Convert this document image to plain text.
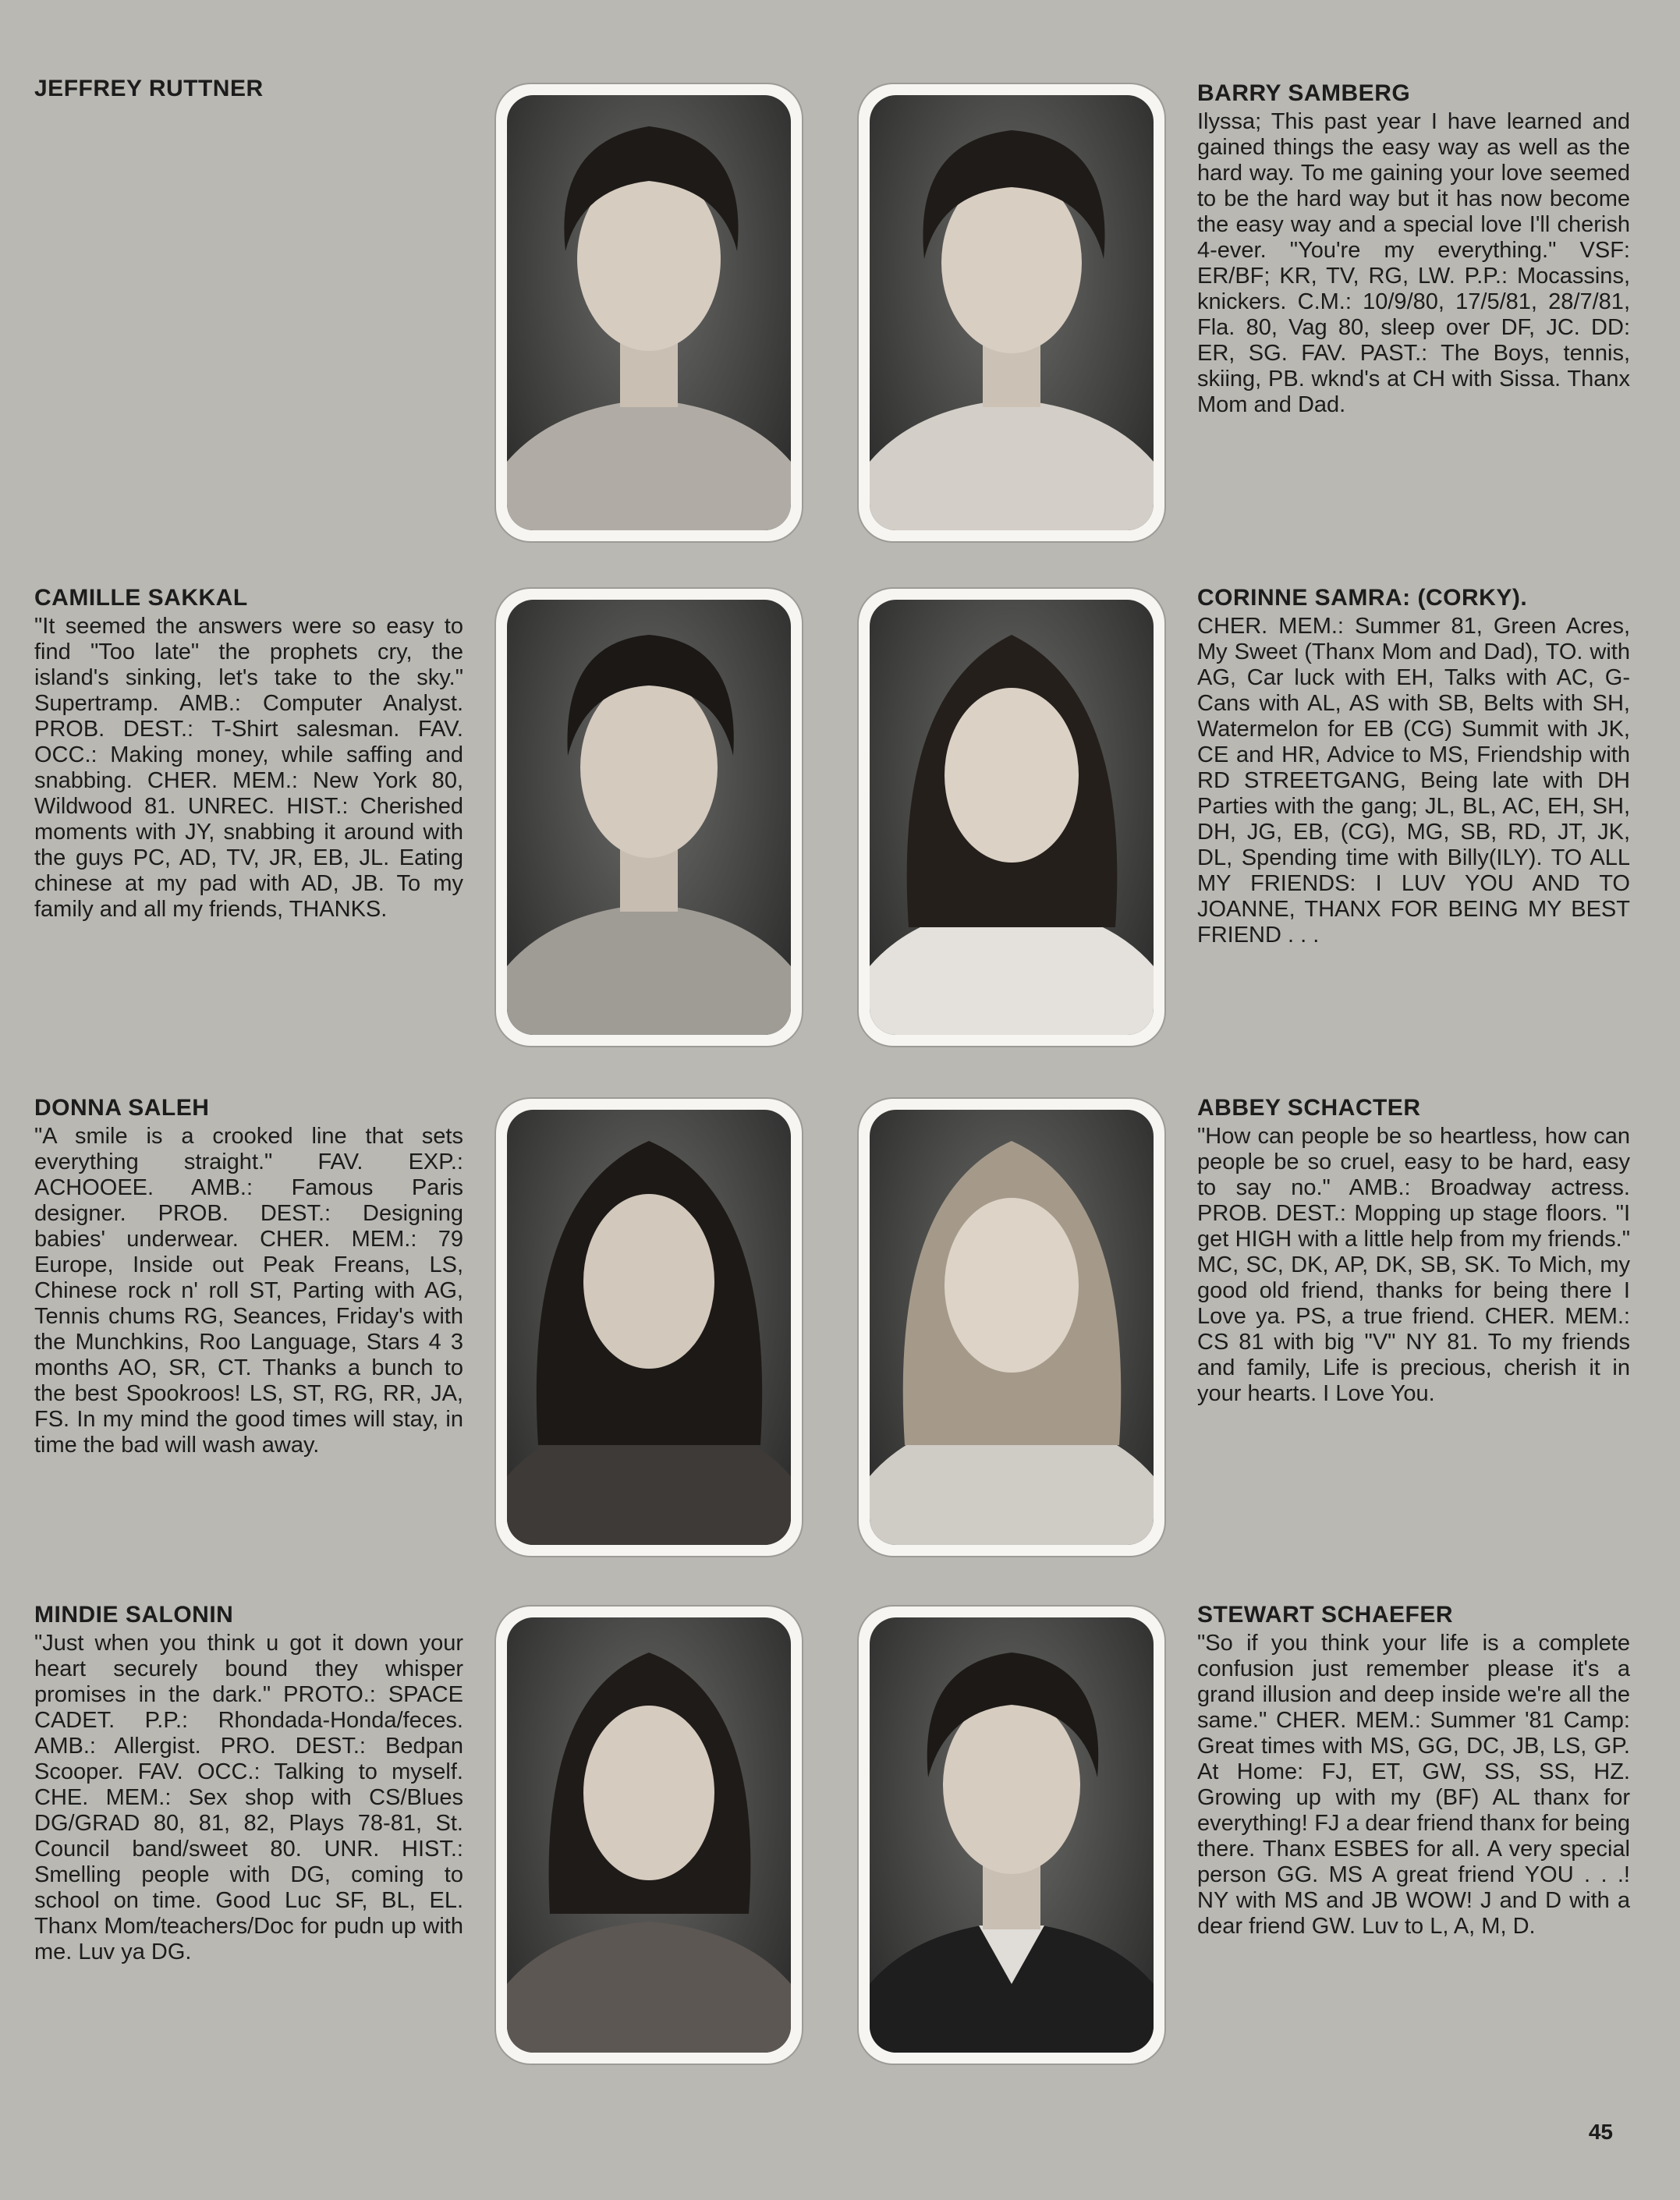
JEFFREY RUTTNER	BARRY SAMBERG

Ilyssa; This past year I have learned and gained things the easy way as well as the hard way. To me gaining your love seemed to be the hard way but it has now become the easy way and a special love I'll cherish 4-ever. "You're my everything." VSF: ER/BF; KR, TV, RG, LW. P.P.: Mocassins, knickers. C.M.: 10/9/80, 17/5/81, 28/7/81, Fla. 80, Vag 80, sleep over DF, JC. DD: ER, SG. FAV. PAST.: The Boys, tennis, skiing, PB. wknd's at CH with Sissa. Thanx Mom and Dad.

CAMILLE SAKKAL

"It seemed the answers were so easy to find "Too late" the prophets cry, the island's sinking, let's take to the sky." Supertramp. AMB.: Computer Analyst. PROB. DEST.: T-Shirt salesman. FAV. OCC.: Making money, while saffing and snabbing. CHER. MEM.: New York 80, Wildwood 81. UNREC. HIST.: Cherished moments with JY, snabbing it around with the guys PC, AD, TV, JR, EB, JL. Eating chinese at my pad with AD, JB. To my family and all my friends, THANKS.

CORINNE SAMRA: (CORKY).

CHER. MEM.: Summer 81, Green Acres, My Sweet (Thanx Mom and Dad), TO. with AG, Car luck with EH, Talks with AC, G-Cans with AL, AS with SB, Belts with SH, Watermelon for EB (CG) Summit with JK, CE and HR, Advice to MS, Friendship with RD STREETGANG, Being late with DH Parties with the gang; JL, BL, AC, EH, SH, DH, JG, EB, (CG), MG, SB, RD, JT, JK, DL, Spending time with Billy(ILY). TO ALL MY FRIENDS: I LUV YOU AND TO JOANNE, THANX FOR BEING MY BEST FRIEND . . .

DONNA SALEH

"A smile is a crooked line that sets everything straight." FAV. EXP.: ACHOOEE. AMB.: Famous Paris designer. PROB. DEST.: Designing babies' underwear. CHER. MEM.: 79 Europe, Inside out Peak Freans, LS, Chinese rock n' roll ST, Parting with AG, Tennis chums RG, Seances, Friday's with the Munchkins, Roo Language, Stars 4 3 months AO, SR, CT. Thanks a bunch to the best Spookroos! LS, ST, RG, RR, JA, FS. In my mind the good times will stay, in time the bad will wash away.

ABBEY SCHACTER

"How can people be so heartless, how can people be so cruel, easy to be hard, easy to say no." AMB.: Broadway actress. PROB. DEST.: Mopping up stage floors. "I get HIGH with a little help from my friends." MC, SC, DK, AP, DK, SB, SK. To Mich, my good old friend, thanks for being there I Love ya. PS, a true friend. CHER. MEM.: CS 81 with big "V" NY 81. To my friends and family, Life is precious, cherish it in your hearts. I Love You.

MINDIE SALONIN

"Just when you think u got it down your heart securely bound they whisper promises in the dark." PROTO.: SPACE CADET. P.P.: Rhondada-Honda/feces. AMB.: Allergist. PRO. DEST.: Bedpan Scooper. FAV. OCC.: Talking to myself. CHE. MEM.: Sex shop with CS/Blues DG/GRAD 80, 81, 82, Plays 78-81, St. Council band/sweet 80. UNR. HIST.: Smelling people with DG, coming to school on time. Good Luc SF, BL, EL. Thanx Mom/teachers/Doc for pudn up with me. Luv ya DG.

STEWART SCHAEFER

"So if you think your life is a complete confusion just remember please it's a grand illusion and deep inside we're all the same." CHER. MEM.: Summer '81 Camp: Great times with MS, GG, DC, JB, LS, GP. At Home: FJ, ET, GW, SS, SS, HZ. Growing up with my (BF) AL thanx for everything! FJ a dear friend thanx for being there. Thanx ESBES for all. A very special person GG. MS A great friend YOU . . .! NY with MS and JB WOW! J and D with a dear friend GW. Luv to L, A, M, D.

45
